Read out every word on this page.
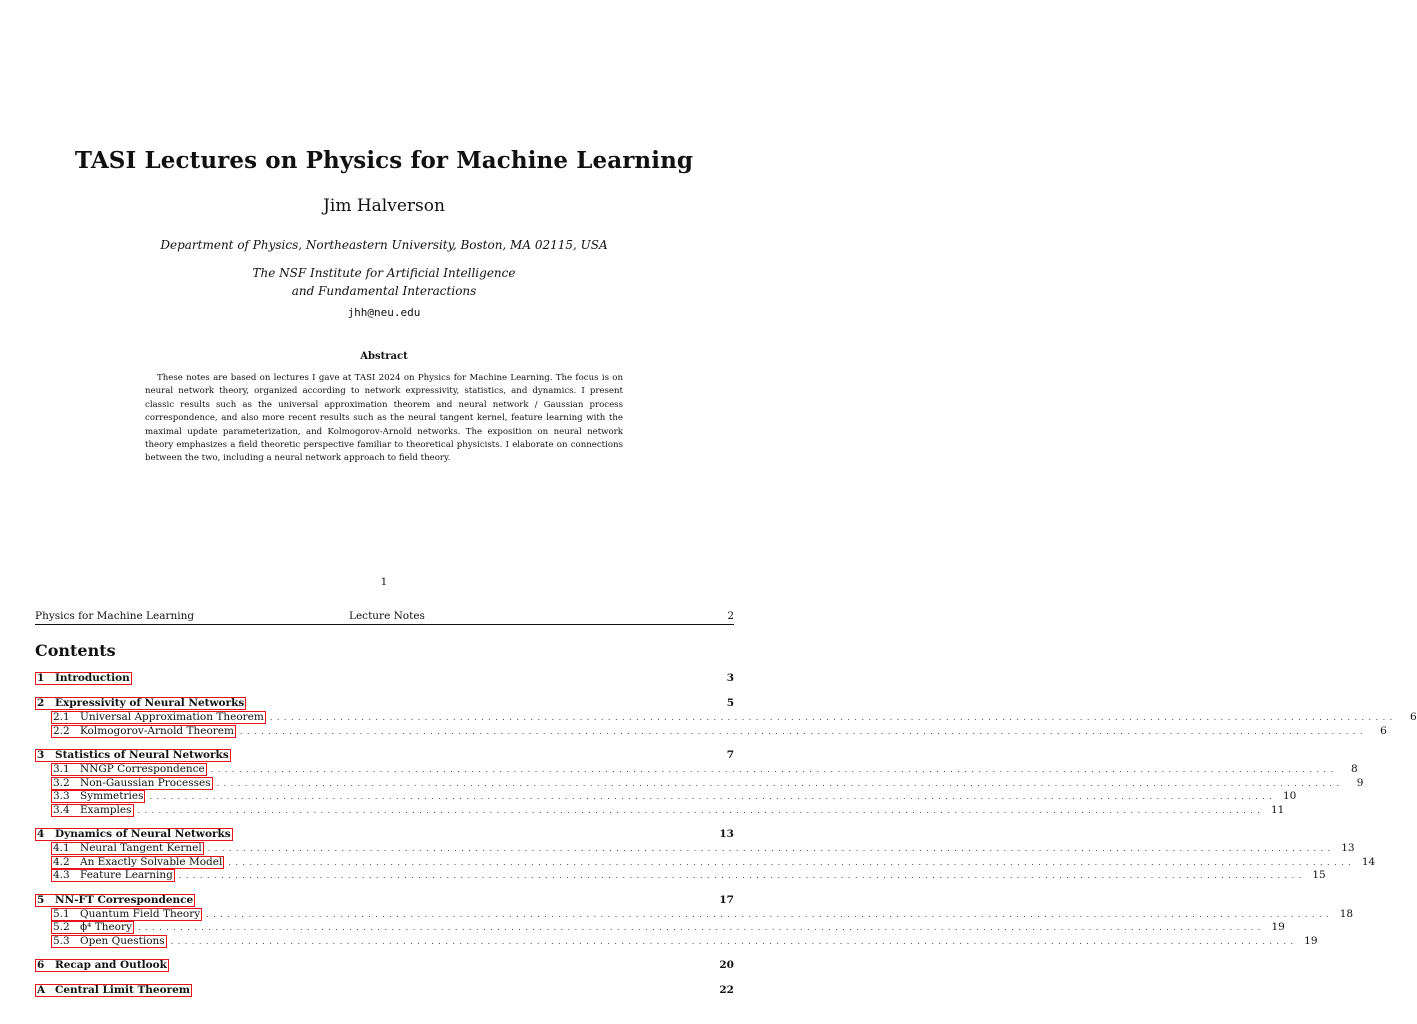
TASI Lectures on Physics for Machine Learning
Jim Halverson
Department of Physics, Northeastern University, Boston, MA 02115, USA
The NSF Institute for Artificial Intelligence
and Fundamental Interactions
jhh@neu.edu
Abstract
These notes are based on lectures I gave at TASI 2024 on Physics for Machine Learning. The focus is on neural network theory, organized according to network expressivity, statistics, and dynamics. I present classic results such as the universal approximation theorem and neural network / Gaussian process correspondence, and also more recent results such as the neural tangent kernel, feature learning with the maximal update parameterization, and Kolmogorov-Arnold networks. The exposition on neural network theory emphasizes a field theoretic perspective familiar to theoretical physicists. I elaborate on connections between the two, including a neural network approach to field theory.
1
Physics for Machine Learning	Lecture Notes	2
Contents
1 Introduction	3
2 Expressivity of Neural Networks	5
2.1 Universal Approximation Theorem ................................................................................................................................................................	6
2.2 Kolmogorov-Arnold Theorem ................................................................................................................................................................	6
3 Statistics of Neural Networks	7
3.1 NNGP Correspondence ................................................................................................................................................................	8
3.2 Non-Gaussian Processes ................................................................................................................................................................	9
3.3 Symmetries ................................................................................................................................................................ 10
3.4 Examples ................................................................................................................................................................ 11
4 Dynamics of Neural Networks	13
4.1 Neural Tangent Kernel ................................................................................................................................................................ 13
4.2 An Exactly Solvable Model ................................................................................................................................................................ 14
4.3 Feature Learning ................................................................................................................................................................ 15
5 NN-FT Correspondence	17
5.1 Quantum Field Theory ................................................................................................................................................................ 18
5.2 ϕ⁴ Theory ................................................................................................................................................................ 19
5.3 Open Questions ................................................................................................................................................................ 19
6 Recap and Outlook	20
A Central Limit Theorem	22
